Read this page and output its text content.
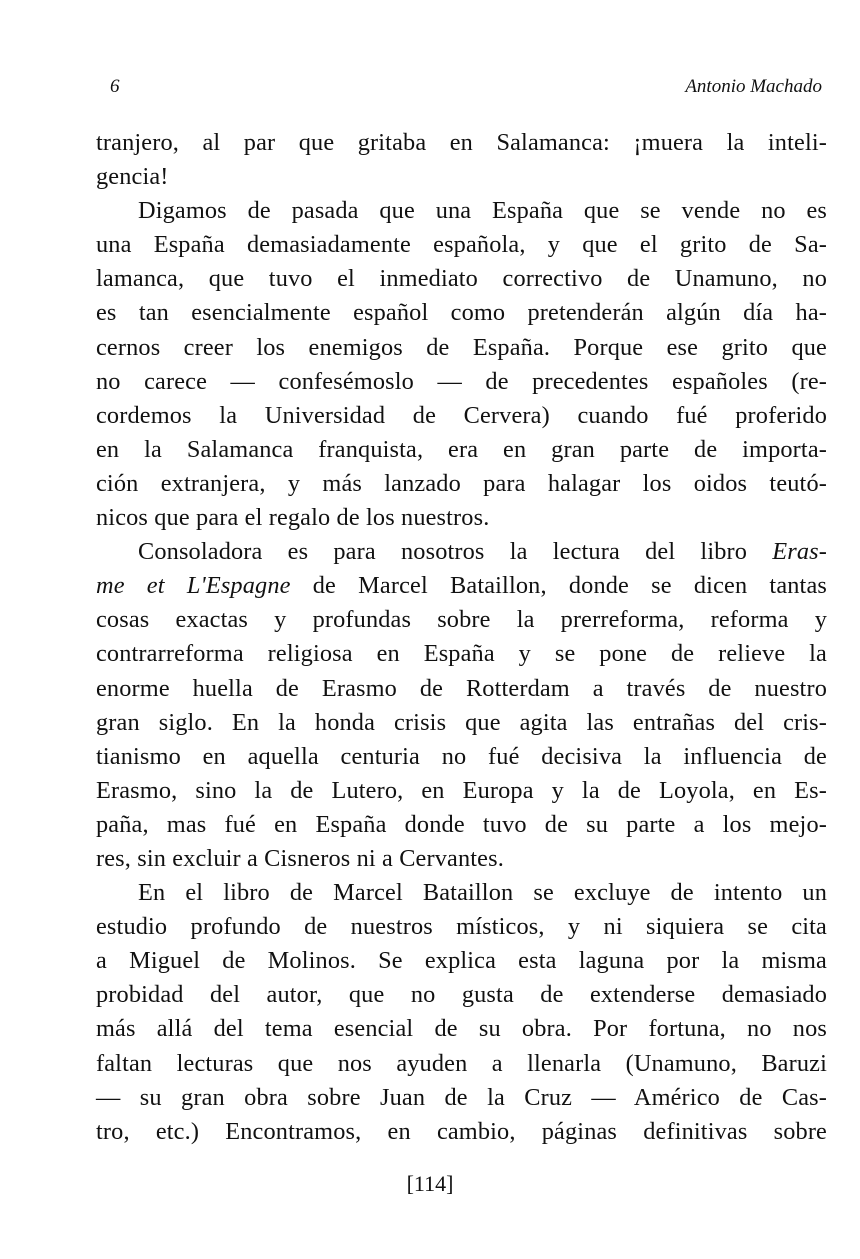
6	Antonio Machado
tranjero, al par que gritaba en Salamanca: ¡muera la inteli-
gencia!
Digamos de pasada que una España que se vende no es
una España demasiadamente española, y que el grito de Sa-
lamanca, que tuvo el inmediato correctivo de Unamuno, no
es tan esencialmente español como pretenderán algún día ha-
cernos creer los enemigos de España. Porque ese grito que
no carece — confesémoslo — de precedentes españoles (re-
cordemos la Universidad de Cervera) cuando fué proferido
en la Salamanca franquista, era en gran parte de importa-
ción extranjera, y más lanzado para halagar los oidos teutó-
nicos que para el regalo de los nuestros.
Consoladora es para nosotros la lectura del libro Eras-
me et L'Espagne de Marcel Bataillon, donde se dicen tantas
cosas exactas y profundas sobre la prerreforma, reforma y
contrarreforma religiosa en España y se pone de relieve la
enorme huella de Erasmo de Rotterdam a través de nuestro
gran siglo. En la honda crisis que agita las entrañas del cris-
tianismo en aquella centuria no fué decisiva la influencia de
Erasmo, sino la de Lutero, en Europa y la de Loyola, en Es-
paña, mas fué en España donde tuvo de su parte a los mejo-
res, sin excluir a Cisneros ni a Cervantes.
En el libro de Marcel Bataillon se excluye de intento un
estudio profundo de nuestros místicos, y ni siquiera se cita
a Miguel de Molinos. Se explica esta laguna por la misma
probidad del autor, que no gusta de extenderse demasiado
más allá del tema esencial de su obra. Por fortuna, no nos
faltan lecturas que nos ayuden a llenarla (Unamuno, Baruzi
— su gran obra sobre Juan de la Cruz — Américo de Cas-
tro, etc.) Encontramos, en cambio, páginas definitivas sobre
[114]
